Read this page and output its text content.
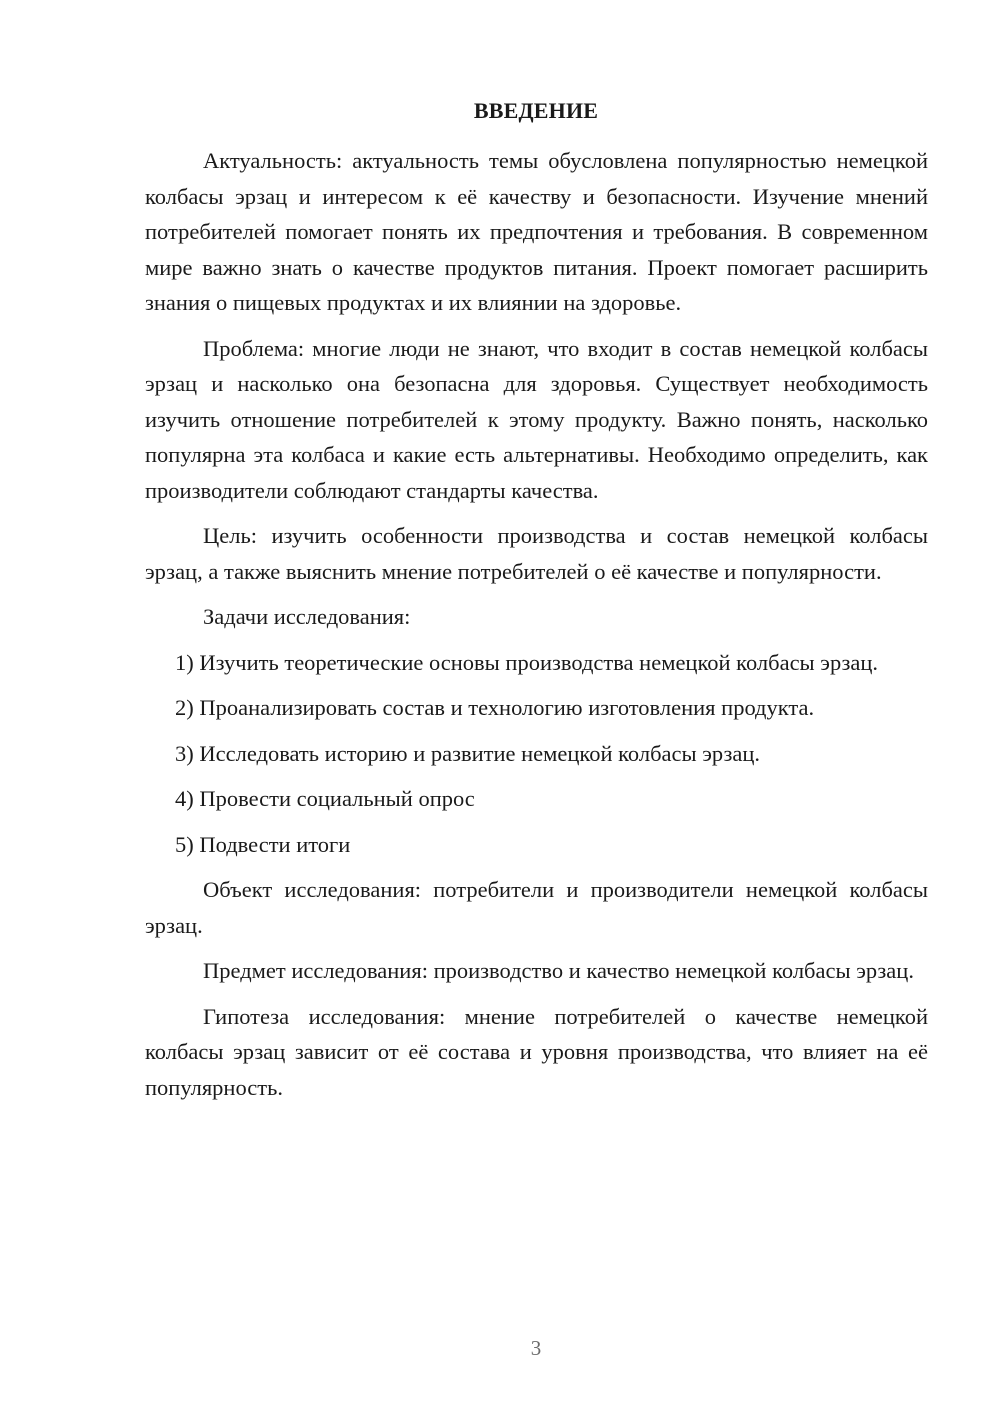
ВВЕДЕНИЕ

Актуальность: актуальность темы обусловлена популярностью немецкой колбасы эрзац и интересом к её качеству и безопасности. Изучение мнений потребителей помогает понять их предпочтения и требования. В современном мире важно знать о качестве продуктов питания. Проект помогает расширить знания о пищевых продуктах и их влиянии на здоровье.

Проблема: многие люди не знают, что входит в состав немецкой колбасы эрзац и насколько она безопасна для здоровья. Существует необходимость изучить отношение потребителей к этому продукту. Важно понять, насколько популярна эта колбаса и какие есть альтернативы. Необходимо определить, как производители соблюдают стандарты качества.

Цель: изучить особенности производства и состав немецкой колбасы эрзац, а также выяснить мнение потребителей о её качестве и популярности.

Задачи исследования:

1) Изучить теоретические основы производства немецкой колбасы эрзац.

2) Проанализировать состав и технологию изготовления продукта.

3) Исследовать историю и развитие немецкой колбасы эрзац.

4) Провести социальный опрос

5) Подвести итоги

Объект исследования: потребители и производители немецкой колбасы эрзац.

Предмет исследования: производство и качество немецкой колбасы эрзац.

Гипотеза исследования: мнение потребителей о качестве немецкой колбасы эрзац зависит от её состава и уровня производства, что влияет на её популярность.

3
